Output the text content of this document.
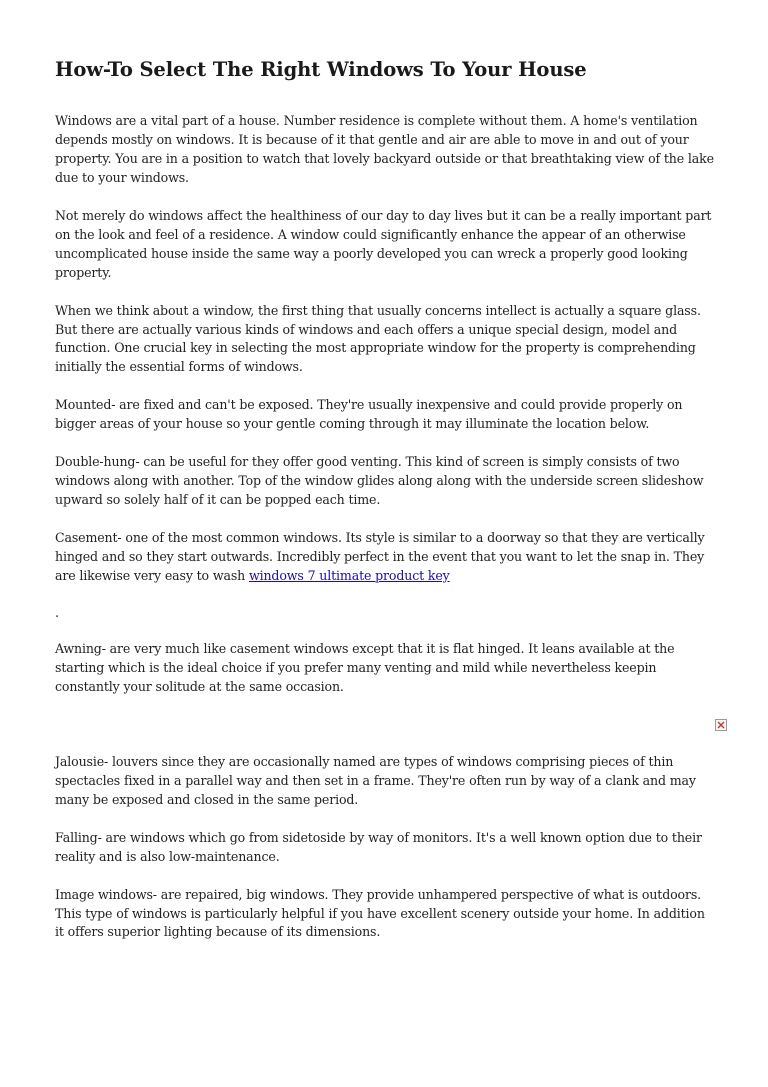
How-To Select The Right Windows To Your House

Windows are a vital part of a house. Number residence is complete without them. A home's ventilation depends mostly on windows. It is because of it that gentle and air are able to move in and out of your property. You are in a position to watch that lovely backyard outside or that breathtaking view of the lake due to your windows.

Not merely do windows affect the healthiness of our day to day lives but it can be a really important part on the look and feel of a residence. A window could significantly enhance the appear of an otherwise uncomplicated house inside the same way a poorly developed you can wreck a properly good looking property.

When we think about a window, the first thing that usually concerns intellect is actually a square glass. But there are actually various kinds of windows and each offers a unique special design, model and function. One crucial key in selecting the most appropriate window for the property is comprehending initially the essential forms of windows.

Mounted- are fixed and can't be exposed. They're usually inexpensive and could provide properly on bigger areas of your house so your gentle coming through it may illuminate the location below.

Double-hung- can be useful for they offer good venting. This kind of screen is simply consists of two windows along with another. Top of the window glides along along with the underside screen slideshow upward so solely half of it can be popped each time.

Casement- one of the most common windows. Its style is similar to a doorway so that they are vertically hinged and so they start outwards. Incredibly perfect in the event that you want to let the snap in. They are likewise very easy to wash windows 7 ultimate product key

.

Awning- are very much like casement windows except that it is flat hinged. It leans available at the starting which is the ideal choice if you prefer many venting and mild while nevertheless keepin constantly your solitude at the same occasion.

Jalousie- louvers since they are occasionally named are types of windows comprising pieces of thin spectacles fixed in a parallel way and then set in a frame. They're often run by way of a clank and may many be exposed and closed in the same period.

Falling- are windows which go from sidetoside by way of monitors. It's a well known option due to their reality and is also low-maintenance.

Image windows- are repaired, big windows. They provide unhampered perspective of what is outdoors. This type of windows is particularly helpful if you have excellent scenery outside your home. In addition it offers superior lighting because of its dimensions.
